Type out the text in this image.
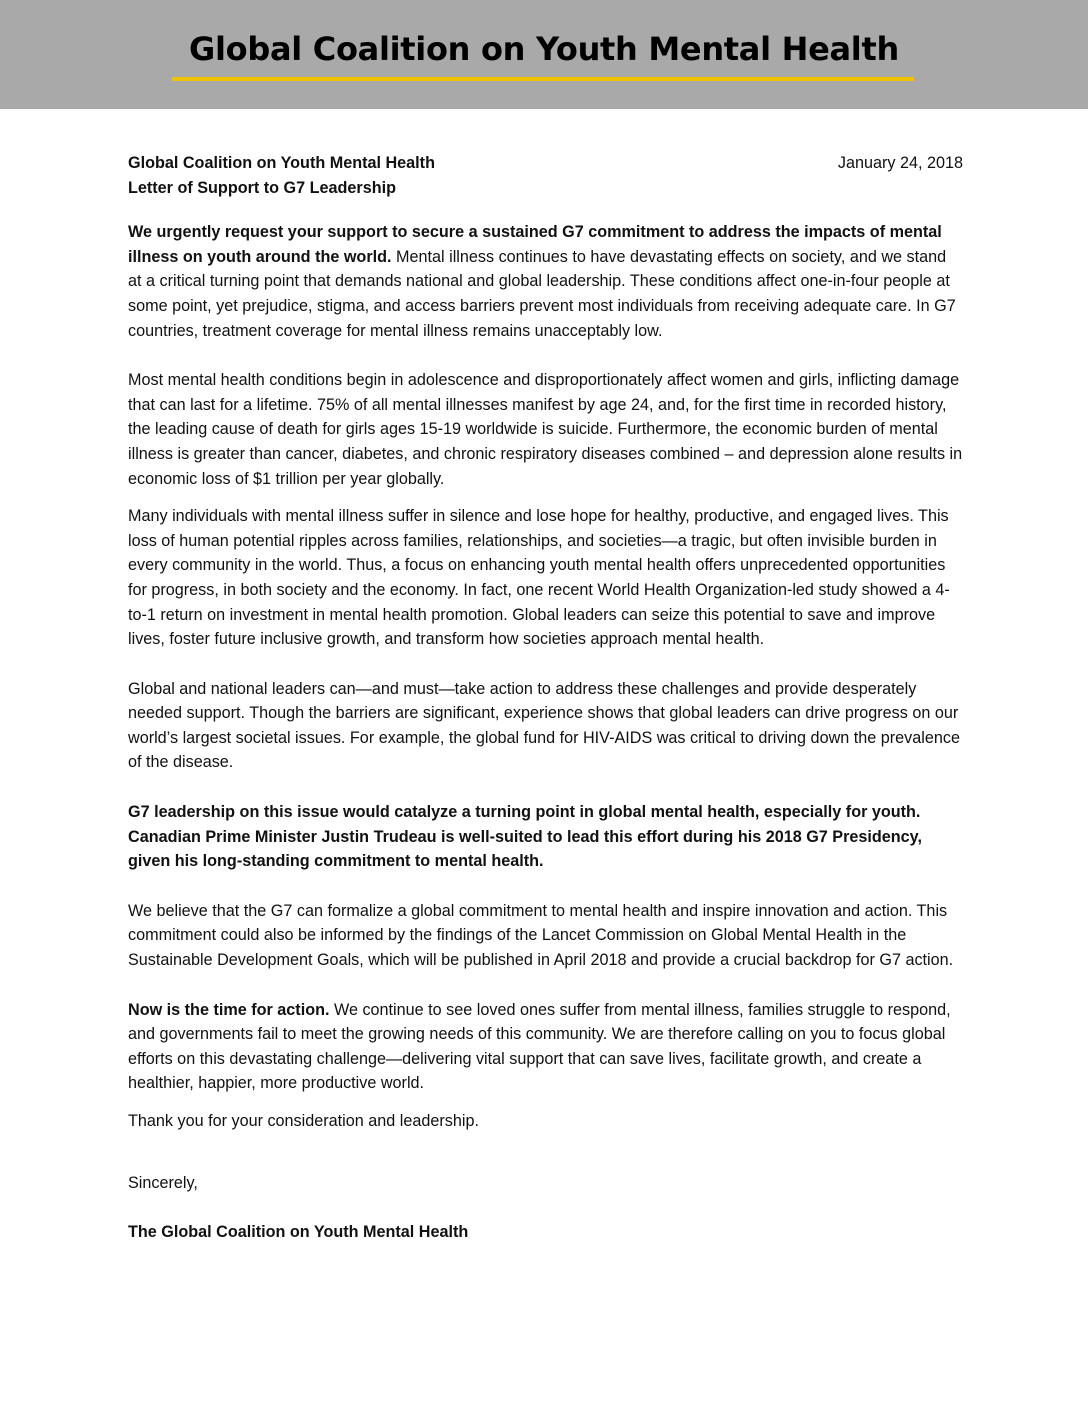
Global Coalition on Youth Mental Health
Global Coalition on Youth Mental Health
Letter of Support to G7 Leadership
January 24, 2018

We urgently request your support to secure a sustained G7 commitment to address the impacts of mental illness on youth around the world. Mental illness continues to have devastating effects on society, and we stand at a critical turning point that demands national and global leadership. These conditions affect one-in-four people at some point, yet prejudice, stigma, and access barriers prevent most individuals from receiving adequate care. In G7 countries, treatment coverage for mental illness remains unacceptably low.

Most mental health conditions begin in adolescence and disproportionately affect women and girls, inflicting damage that can last for a lifetime. 75% of all mental illnesses manifest by age 24, and, for the first time in recorded history, the leading cause of death for girls ages 15-19 worldwide is suicide. Furthermore, the economic burden of mental illness is greater than cancer, diabetes, and chronic respiratory diseases combined – and depression alone results in economic loss of $1 trillion per year globally.

Many individuals with mental illness suffer in silence and lose hope for healthy, productive, and engaged lives. This loss of human potential ripples across families, relationships, and societies—a tragic, but often invisible burden in every community in the world. Thus, a focus on enhancing youth mental health offers unprecedented opportunities for progress, in both society and the economy. In fact, one recent World Health Organization-led study showed a 4-to-1 return on investment in mental health promotion. Global leaders can seize this potential to save and improve lives, foster future inclusive growth, and transform how societies approach mental health.

Global and national leaders can—and must—take action to address these challenges and provide desperately needed support. Though the barriers are significant, experience shows that global leaders can drive progress on our world’s largest societal issues. For example, the global fund for HIV-AIDS was critical to driving down the prevalence of the disease.

G7 leadership on this issue would catalyze a turning point in global mental health, especially for youth. Canadian Prime Minister Justin Trudeau is well-suited to lead this effort during his 2018 G7 Presidency, given his long-standing commitment to mental health.

We believe that the G7 can formalize a global commitment to mental health and inspire innovation and action. This commitment could also be informed by the findings of the Lancet Commission on Global Mental Health in the Sustainable Development Goals, which will be published in April 2018 and provide a crucial backdrop for G7 action.

Now is the time for action. We continue to see loved ones suffer from mental illness, families struggle to respond, and governments fail to meet the growing needs of this community. We are therefore calling on you to focus global efforts on this devastating challenge—delivering vital support that can save lives, facilitate growth, and create a healthier, happier, more productive world.

Thank you for your consideration and leadership.

Sincerely,

The Global Coalition on Youth Mental Health
